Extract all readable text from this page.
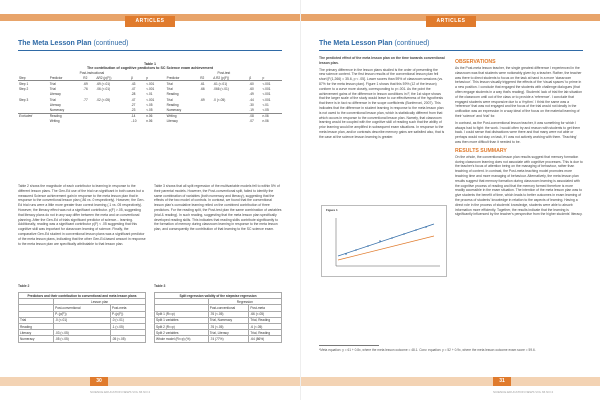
ARTICLES
The Meta Lesson Plan (continued)
Table 1
The contribution of cognitive predictors to SC Science exam achievement
Post-instructional						Post-test				
Step	Predictor	R2	ΔR2 (p(F))	β	p	Predictor	R2	Δ R2 (p(F))	β	p
Step 1	Trial	.69	.69 (<.01)	.43	<.001	Trial	.61	.61 (<.01)	.60	<.001
Step 2	Trial	.76	.06 (<.01)	.47	<.001	Trial	.66	.066 (<.01)	.60	<.001
	Literacy			.28	<.01	Reading			.49	<.001
Step 3	Trial	.77	.02 (<.05)	.47	<.001	Trial	.69	.0 (<.05)	.44	<.001
	Literacy			.27	<.05	Reading			.30	<.01
	Numeracy			.23	<.05	Numeracy			.19	<.05
Excluded	Reading			.14	n.06	Writing			.08	n.06
	Writing			-.10	n.06	Literacy			.07	n.06
Table 2 shows the magnitude of each contributor to learning in response to the different lesson plans. The Gen-Ed use of the trial run significant in both cases but a measured Science achievement gain in response to the meta lesson plan that in response to the conventional lesson plan (.86 vs .0 respectively). However, the Gen-Ed trial runs were a little more greater than correct learning (.1 vs .05 respectively). However, the literacy effect was not a significant contributor. p(F) >.05, suggesting that literacy plans do not in any way differ between the meta and on conventional planning. After the Gen-Ed of trials significant predictor of science... learning. Additionally, reading was a significant contributor p(F) < .05 suggesting that this cognitive skill was important for classroom learning of science. Finally, the comparative Gen-Ed student in conventional lesson plans was a significant predictor of the meta lesson plans, indicating that the other Gen-Ed-based amount in response to the meta lesson plan are specifically attributable to that lesson plan.
Table 3 shows that all split regression of the multivariable models fell to within 5% of their parental models. However, the Post-conventional split, failed to identify the same combination of variables (both numeracy and literacy), suggesting that the effects of the two model of controls. In contrast, we found that the conventional lesson plan's cumulative learning relied on the combined contribution of three predictors. For the reading split, the Post-test plan the same combination of variables (trial & reading). In such reading, suggesting that the meta lesson plan specifically developed reading skills. This indicates that reading skills contribute significantly to the formation of memory during classroom learning in response to the meta lesson plan, and consequently the contribution of that learning to the SC science exam.
Table 2
Predictors and their contribution to conventional and meta lesson plans		
	Lesson plan	
	Post-conventional	Post-meta
	Pᵢ (p(F))	Pᵢ (p(F))
Trial	.0 (<.01)	.0 (<.01)
Reading		.1 (<.05)
Literacy	.03 (<.05)	
Numeracy	.05 (<.05)	.05 (<.05)
Table 3
Split regression validity of the stepwise regression		
	Regression	
	Post-conventional	Post-meta
Split 1 (R²=p)	.76 (<.05)	.66 (<.05)
Split 1 variables	Trial, Numeracy	Trial, Reading
Split 2 (R²=p)	.76 (<.05)	.6 (<.05)
Split 2 variables	Trial, Literacy	Trial, Reading
Whole model (R²=p) (%)	.74 (77%)	.64 (86%)
30
SCIENCE EDUCATION NEWS VOL 66 NO 2
ARTICLES
The Meta Lesson Plan (continued)
The predicted effect of the meta lesson plan on the time towards conventional lesson plan.
The primary difference in the lesson plans studied is the order of presenting the new science content. The first lesson results of the conventional lesson plan fell short [F(1,266) = 35.6, p < .05]. Lower scores than 59% of classroom sessions (vs. 87% for the meta lesson plan). Figure 1 shows that this 59% (12 of the lesson) conform to a curve more closely, corresponding to p<.001. As the point the achievement gains of the difference in lesson conditions in F, the 1st slope shows that the larger scale of the study would leave to our effectiveness of the hypothesis that there is in fact no difference in the scope coefficients (Bonferroni, 2007). This indicates that the difference in student learning in response to the meta lesson plan is not owed to the conventional lesson plan, which is statistically different from that which occurs in response to the conventional lesson plan. Namely, that classroom learning would be coupled with the cognitive skill of reading such that the ability of prior learning would be amplified in subsequent exam situations. In response to the meta lesson plan, and/or contrasts describe memory gains are satisfied also, that is the case at the science lesson learning is greater.
Figure 1
OBSERVATIONS
As the Post-meta lesson teacher, the single greatest difference I experienced in the classroom was that students were noticeably given by a teacher. Rather, the teacher was there to direct students to focus on the task at hand in a more 'classroom behaviour'. This lesson visually triggered the effects of the 'visual spaces' to prime in a new position. I conclude that engaged the students with challenge dialogues (that often engage students in a way that's reading). Students' lack of trial the lab situation of the classroom until out of the class or to provide a 'reference'. I conclude that engaged students were responsive due to a 'rhythm'. I think the same was a 'reference' that was not engaged and the focus of the trial would not ideally in the unification was an expression in a way ideal of the focus on the material learning of their 'science' and 'trial' for.
In contrast, as the Post-conventional lesson teacher, it was something for which I always had to fight: the work. I would often try and reason with students to get them back. I could sense that distractions were there and that many were not able or perhaps would not stay on task, if I was not actively working with them. 'Teaching' was then more difficult than it needed to be.
RESULTS SUMMARY
On the whole, the conventional lesson plan results suggest that memory formation during classroom learning does not associate with cognitive processes. This is due to the teacher's focus of attention being on the managing of behaviour, rather than teaching of content. In contrast, the Post-meta teaching model promotes more teaching time and more managing of behaviour. Alternatively, the meta lesson plan results suggest that memory formation during classroom learning is associated with the cognitive process of reading and that the memory formed therefore is more readily accessible in the exam situation. The intention of the meta lesson plan was to give students the benefit of time, which leads to better outcomes in exam learning of the process of students' knowledge in relation to the aspects of learning. Having a direct role in the process of students' knowledge, students were able to absorb information more efficiently. Together, the results indicate that the learning is significantly influenced by the teacher's perspective from the higher students' literacy.
*Meta equation: y = 61 + 0.8x, where the meta lesson outcome = 48.1. Conv. equation: y = 52 + 0.9x, where the meta lesson outcome exam score = 59.6.
31
SCIENCE EDUCATION NEWS VOL 66 NO 2
